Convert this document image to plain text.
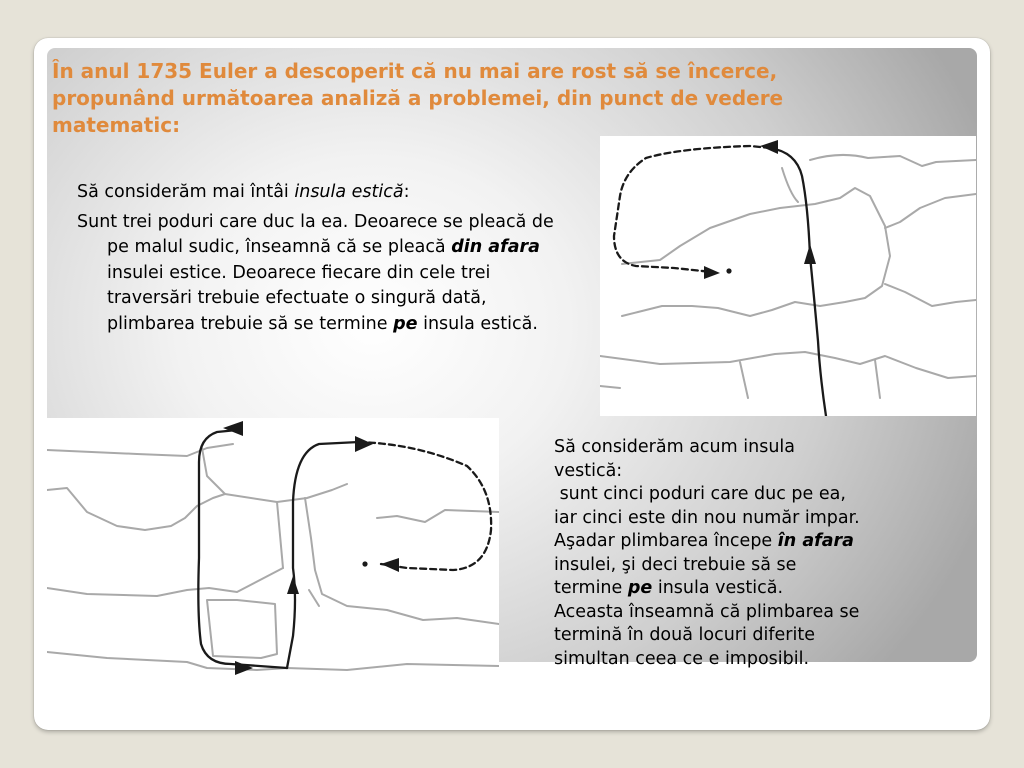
În anul 1735 Euler a descoperit că nu mai are rost să se încerce,
propunând următoarea analiză a problemei, din punct de vedere
matematic:

Să considerăm mai întâi insula estică:

Sunt trei poduri care duc la ea. Deoarece se pleacă de pe malul sudic, înseamnă că se pleacă din afara insulei estice. Deoarece fiecare din cele trei traversări trebuie efectuate o singură dată, plimbarea trebuie să se termine pe insula estică.

Să considerăm acum insula
vestică:
sunt cinci poduri care duc pe ea,
iar cinci este din nou număr impar.
Aşadar plimbarea începe în afara
insulei, şi deci trebuie să se
termine pe insula vestică.
Aceasta înseamnă că plimbarea se
termină în două locuri diferite
simultan ceea ce e imposibil.
